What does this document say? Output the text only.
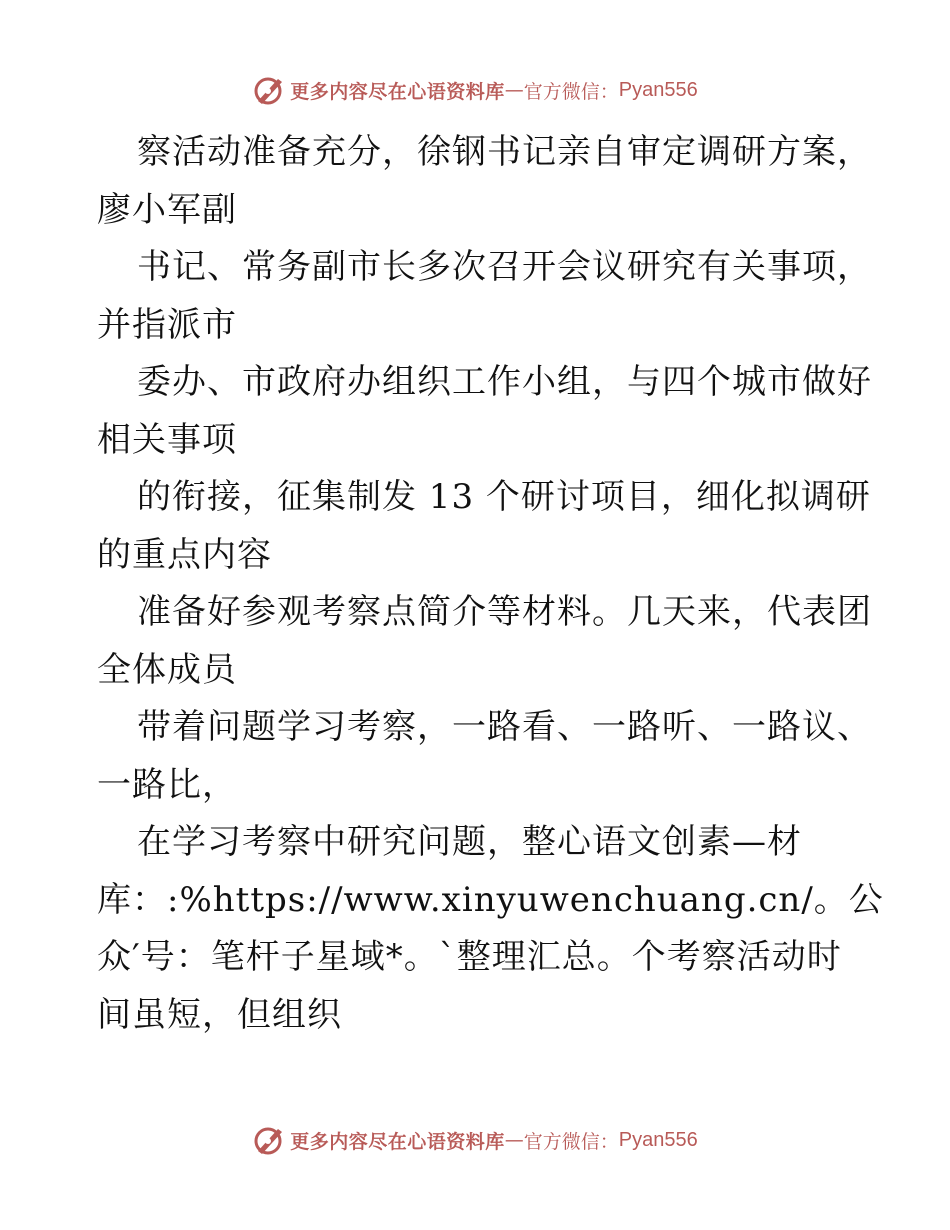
更多内容尽在心语资料库 — 官方微信： Pyan556
察活动准备充分，徐钢书记亲自审定调研方案，
廖小军副
书记、常务副市长多次召开会议研究有关事项，
并指派市
委办、市政府办组织工作小组，与四个城市做好
相关事项
的衔接，征集制发 13 个研讨项目，细化拟调研
的重点内容
准备好参观考察点简介等材料。几天来，代表团
全体成员
带着问题学习考察，一路看、一路听、一路议、
一路比，
在学习考察中研究问题，整心语文创素—材
库：:%https://www.xinyuwenchuang.cn/。公
众′号：笔杆子星域*。`整理汇总。个考察活动时
间虽短，但组织
更多内容尽在心语资料库 — 官方微信： Pyan556
